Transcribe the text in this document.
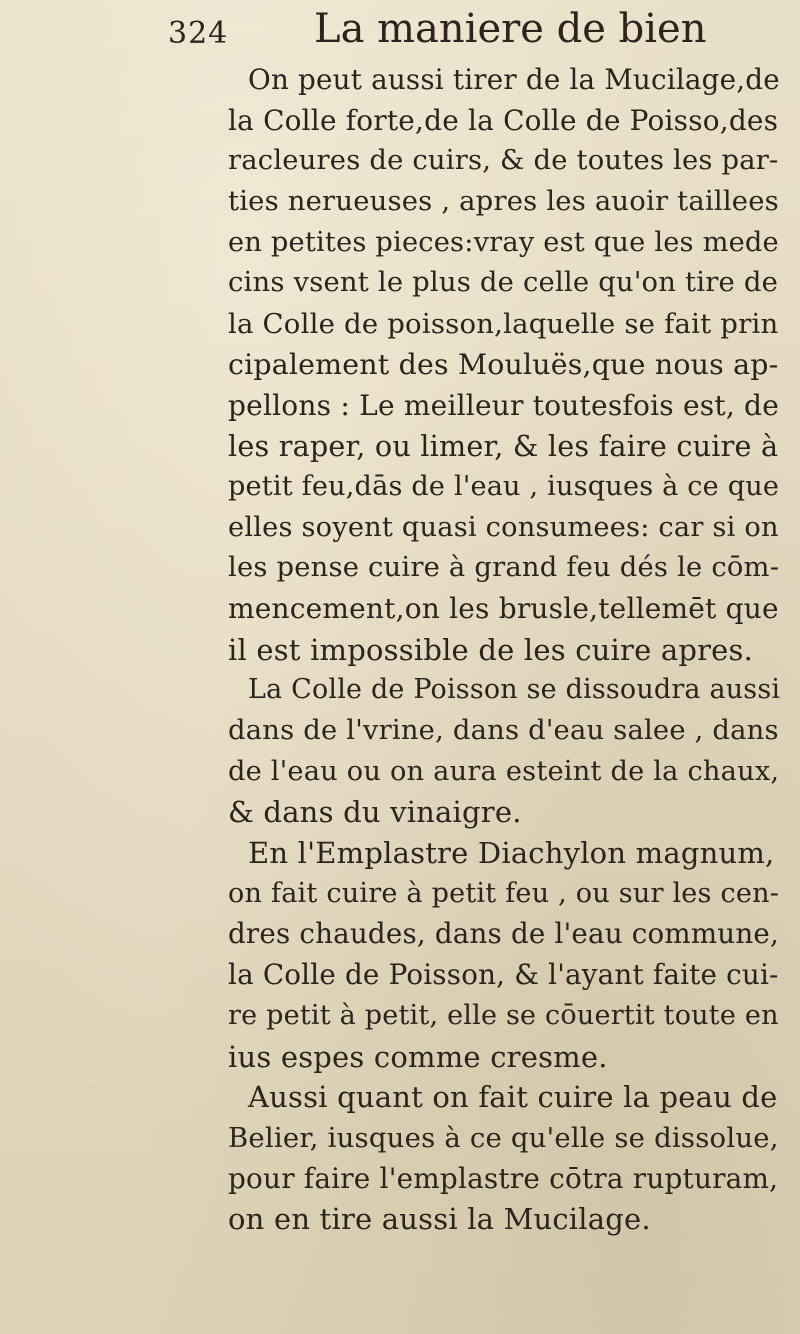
324 La maniere de bien
On peut aussi tirer de la Mucilage,de
la Colle forte,de la Colle de Poisso,des
racleures de cuirs, & de toutes les par-
ties nerueuses , apres les auoir taillees
en petites pieces:vray est que les mede
cins vsent le plus de celle qu'on tire de
la Colle de poisson,laquelle se fait prin
cipalement des Mouluës,que nous ap-
pellons : Le meilleur toutesfois est, de
les raper, ou limer, & les faire cuire à
petit feu,dās de l'eau , iusques à ce que
elles soyent quasi consumees: car si on
les pense cuire à grand feu dés le cōm-
mencement,on les brusle,tellemēt que
il est impossible de les cuire apres.
La Colle de Poisson se dissoudra aussi
dans de l'vrine, dans d'eau salee , dans
de l'eau ou on aura esteint de la chaux,
& dans du vinaigre.
En l'Emplastre Diachylon magnum,
on fait cuire à petit feu , ou sur les cen-
dres chaudes, dans de l'eau commune,
la Colle de Poisson, & l'ayant faite cui-
re petit à petit, elle se cōuertit toute en
ius espes comme cresme.
Aussi quant on fait cuire la peau de
Belier, iusques à ce qu'elle se dissolue,
pour faire l'emplastre cōtra rupturam,
on en tire aussi la Mucilage.
